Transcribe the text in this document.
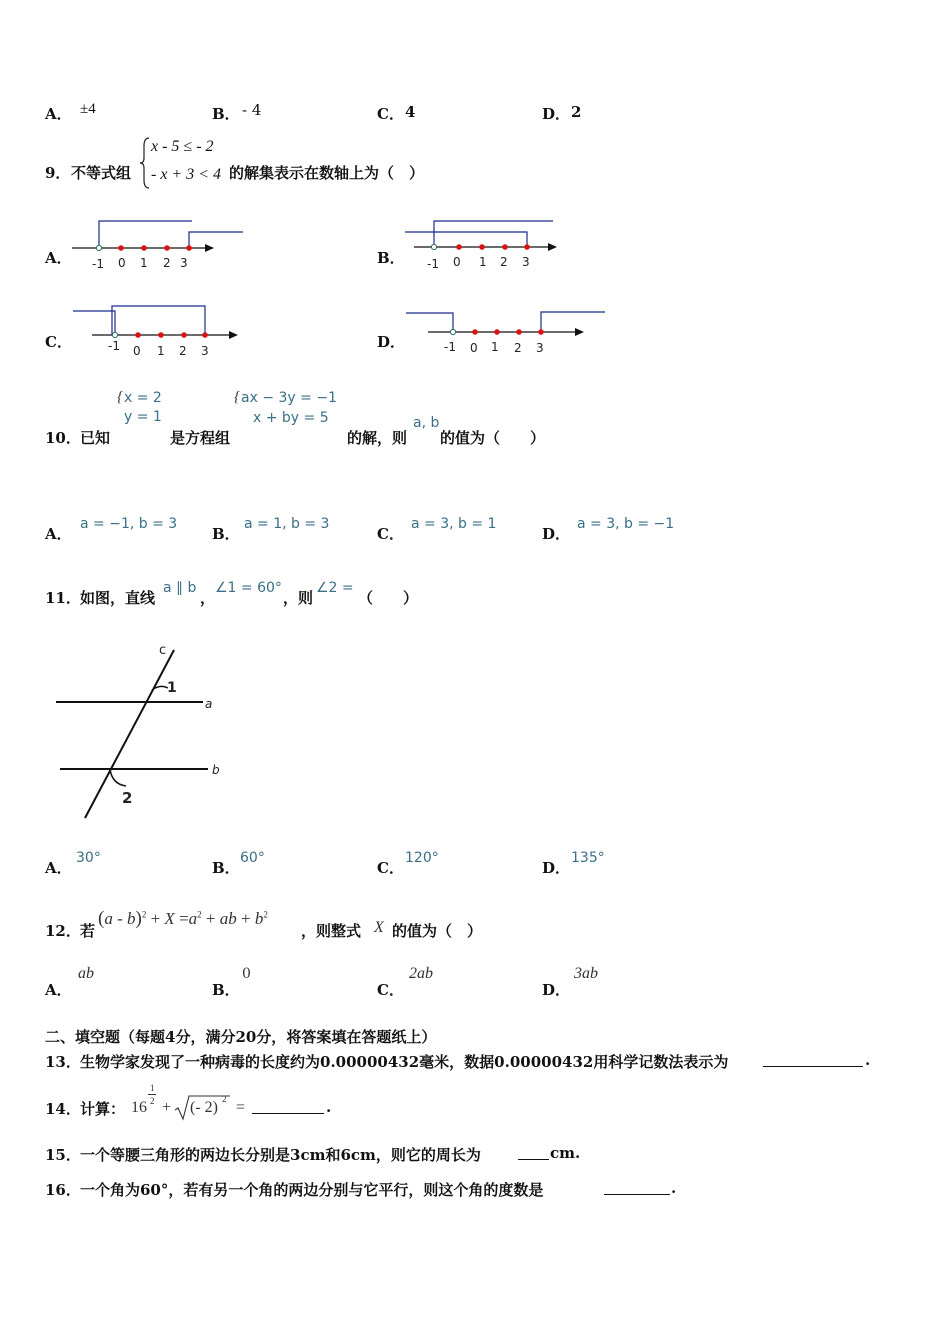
A． ±4	B． - 4	C． 4	D． 2
9． 不等式组
x - 5 ≤ - 2
- x + 3 < 4 的解集表示在数轴上为（　）
A． -1 0 1 2 3	-1 0 1 2 3
-1 0 1 2 3	-1 0 1 2 3
B．
C．	D．
10． 已知
{ x = 2
y = 1
是方程组
{ ax − 3y = −1
x + by = 5
的解，则
a, b
的值为（　　）
A．
a = −1, b = 3
B．
a = 1, b = 3
C．
a = 3, b = 1
D．
a = 3, b = −1
11． 如图，直线
a ∥ b
，
∠1 = 60°
，则
∠2 =
（　　）
c
a
b
1
2
A．
30°
B．
60°
C．
120°
D．
135°
12． 若
$(a - b)^2 + X =a^2$ + ab + $b^2$
，则整式 X 的值为（　）
A．
ab
B．
0
C．
2ab
D．
3ab
二、填空题（每题4分，满分20分，将答案填在答题纸上）
13． 生物学家发现了一种病毒的长度约为0.00000432毫米，数据0.00000432用科学记数法表示为	.
14． 计算： 16
1
2 + (- 2) 2 =	.
15． 一个等腰三角形的两边长分别是3cm和6cm，则它的周长为	cm.
16． 一个角为60°，若有另一个角的两边分别与它平行，则这个角的度数是	.
